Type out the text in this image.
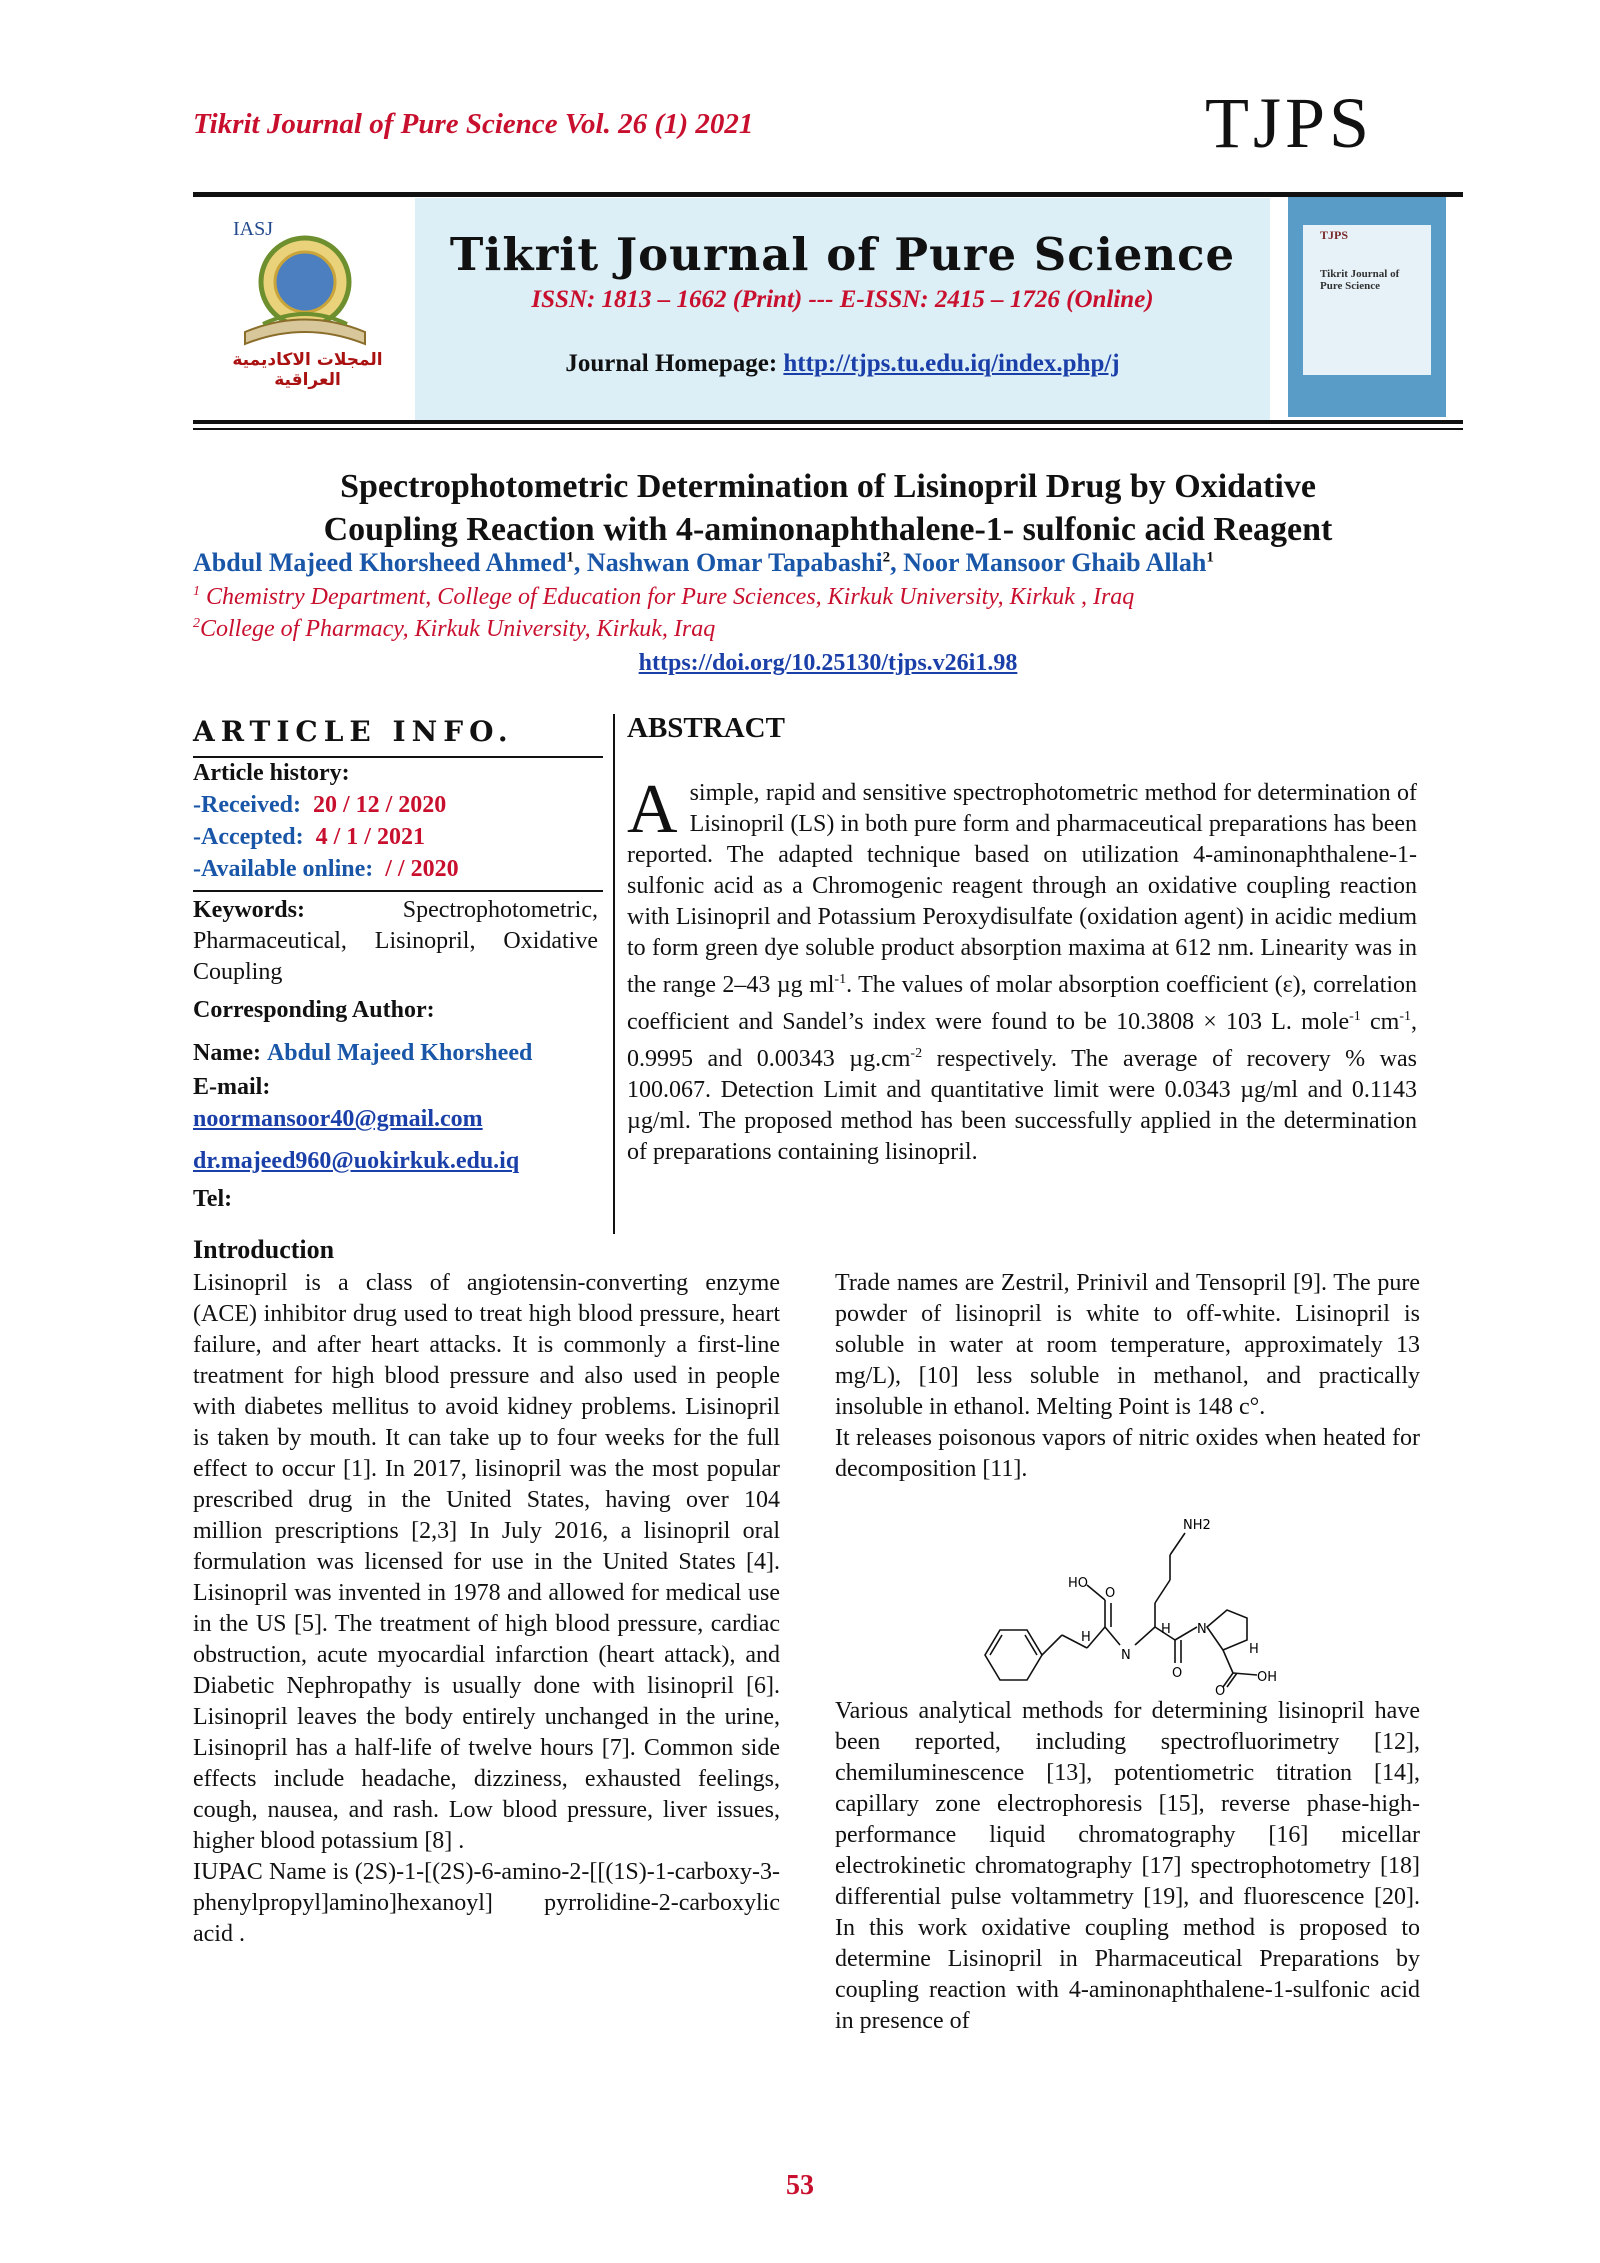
Tikrit Journal of Pure Science Vol. 26 (1) 2021	TJPS
IASJ
المجلات الاكاديمية العراقية
Tikrit Journal of Pure Science
ISSN: 1813 – 1662 (Print) --- E-ISSN: 2415 – 1726 (Online)
Journal Homepage: http://tjps.tu.edu.iq/index.php/j
TJPS
Tikrit Journal of Pure Science
Spectrophotometric Determination of Lisinopril Drug by Oxidative
Coupling Reaction with 4-aminonaphthalene-1- sulfonic acid Reagent
Abdul Majeed Khorsheed Ahmed$^1$, Nashwan Omar Tapabashi$^2$, Noor Mansoor Ghaib Allah$^1$
$^1$ Chemistry Department, College of Education for Pure Sciences, Kirkuk University, Kirkuk , Iraq
$^2$College of Pharmacy, Kirkuk University, Kirkuk, Iraq
https://doi.org/10.25130/tjps.v26i1.98
ARTICLE INFO.
Article history:
-Received: 20 / 12 / 2020
-Accepted: 4 / 1 / 2021
-Available online: / / 2020
Keywords:	Spectrophotometric, Pharmaceutical, Lisinopril, Oxidative Coupling
Corresponding Author:
Name: Abdul Majeed Khorsheed
E-mail:
noormansoor40@gmail.com
dr.majeed960@uokirkuk.edu.iq
Tel:
ABSTRACT
Asimple, rapid and sensitive spectrophotometric method for determination of Lisinopril (LS) in both pure form and pharmaceutical preparations has been reported. The adapted technique based on utilization 4-aminonaphthalene-1-sulfonic acid as a Chromogenic reagent through an oxidative coupling reaction with Lisinopril and Potassium Peroxydisulfate (oxidation agent) in acidic medium to form green dye soluble product absorption maxima at 612 nm. Linearity was in the range 2–43 µg $ml^{-1}$. The values of molar absorption coefficient (ε), correlation coefficient and Sandel’s index were found to be 10.3808 × 103 L. mole$^{-1}$ $cm^{-1}$, 0.9995 and 0.00343 $\mu g.cm^{-2}$ respectively. The average of recovery % was 100.067. Detection Limit and quantitative limit were 0.0343 µg/ml and 0.1143 µg/ml. The proposed method has been successfully applied in the determination of preparations containing lisinopril.
Introduction

Lisinopril is a class of angiotensin-converting enzyme (ACE) inhibitor drug used to treat high blood pressure, heart failure, and after heart attacks. It is commonly a first-line treatment for high blood pressure and also used in people with diabetes mellitus to avoid kidney problems. Lisinopril is taken by mouth. It can take up to four weeks for the full effect to occur [1]. In 2017, lisinopril was the most popular prescribed drug in the United States, having over 104 million prescriptions [2,3] In July 2016, a lisinopril oral formulation was licensed for use in the United States [4]. Lisinopril was invented in 1978 and allowed for medical use in the US [5]. The treatment of high blood pressure, cardiac obstruction, acute myocardial infarction (heart attack), and Diabetic Nephropathy is usually done with lisinopril [6]. Lisinopril leaves the body entirely unchanged in the urine, Lisinopril has a half-life of twelve hours [7]. Common side effects include headache, dizziness, exhausted feelings, cough, nausea, and rash. Low blood pressure, liver issues, higher blood potassium [8] .

IUPAC Name is (2S)-1-[(2S)-6-amino-2-[[(1S)-1-carboxy-3-phenylpropyl]amino]hexanoyl] pyrrolidine-2-carboxylic acid .

Trade names are Zestril, Prinivil and Tensopril [9]. The pure powder of lisinopril is white to off-white. Lisinopril is soluble in water at room temperature, approximately 13 mg/L), [10] less soluble in methanol, and practically insoluble in ethanol. Melting Point is 148 c°.

It releases poisonous vapors of nitric oxides when heated for decomposition [11].

NH2
HO
O
H
N
H
O
N
H
O
OH

Various analytical methods for determining lisinopril have been reported, including spectrofluorimetry [12], chemiluminescence [13], potentiometric titration [14], capillary zone electrophoresis [15], reverse phase-high-performance liquid chromatography [16] micellar electrokinetic chromatography [17] spectrophotometry [18] differential pulse voltammetry [19], and fluorescence [20]. In this work oxidative coupling method is proposed to determine Lisinopril in Pharmaceutical Preparations by coupling reaction with 4-aminonaphthalene-1-sulfonic acid in presence of

53
